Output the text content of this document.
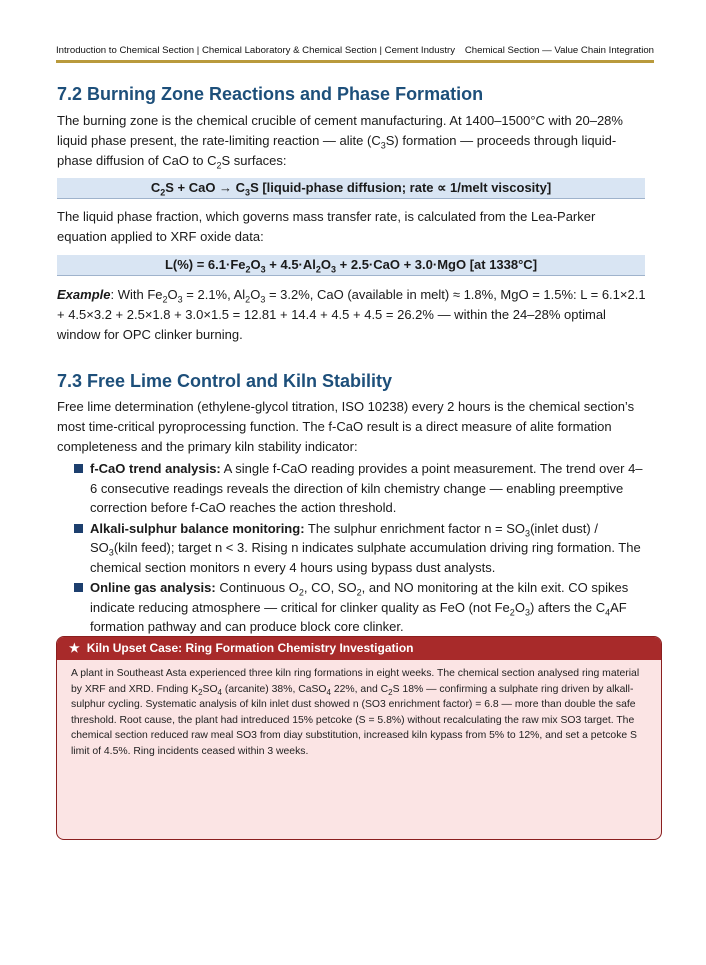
Introduction to Chemical Section | Chemical Laboratory & Chemical Section | Cement Industry Chemical Section — Value Chain Integration
7.2 Burning Zone Reactions and Phase Formation

The burning zone is the chemical crucible of cement manufacturing. At 1400–1500°C with 20–28% liquid phase present, the rate-limiting reaction — alite $(C_3S)$ formation — proceeds through liquid-phase diffusion of CaO to $C_2S$ surfaces:

$C_2S$ + CaO → $C_3S$ [liquid-phase diffusion; rate ∝ 1/melt viscosity]

The liquid phase fraction, which governs mass transfer rate, is calculated from the Lea-Parker equation applied to XRF oxide data:

$L(\%) = 6.1\cdot Fe_2O_3 + 4.5\cdot Al_2O_3 + 2.5\cdot CaO + 3.0\cdot MgO$ [at 1338°C]

Example: With $Fe_2O_3 = 2.1\%$, $Al_2O_3 = 3.2\%$, CaO (available in melt) ≈ 1.8%, MgO = 1.5%: L = 6.1×2.1 + 4.5×3.2 + 2.5×1.8 + 3.0×1.5 = 12.81 + 14.4 + 4.5 + 4.5 = 26.2% — within the 24–28% optimal window for OPC clinker burning.

7.3 Free Lime Control and Kiln Stability

Free lime determination (ethylene-glycol titration, ISO 10238) every 2 hours is the chemical section’s most time-critical pyroprocessing function. The f-CaO result is a direct measure of alite formation completeness and the primary kiln stability indicator:

f-CaO trend analysis: A single f-CaO reading provides a point measurement. The trend over 4–6 consecutive readings reveals the direction of kiln chemistry change — enabling preemptive correction before f-CaO reaches the action threshold.
Alkali-sulphur balance monitoring: The sulphur enrichment factor $n = SO_3(inlet$ dust) / $SO_3(kiln$ feed); target n < 3. Rising n indicates sulphate accumulation driving ring formation. The chemical section monitors n every 4 hours using bypass dust analysts.
Online gas analysis: Continuous $O_2$, CO, $SO_2$, and NO monitoring at the kiln exit. CO spikes indicate reducing atmosphere — critical for clinker quality as FeO (not $Fe_2O_3$) afters the $C_4AF$ formation pathway and can produce block core clinker.
★ Kiln Upset Case: Ring Formation Chemistry Investigation
A plant in Southeast Asta experienced three kiln ring formations in eight weeks. The chemical section analysed ring material by XRF and XRD. Fnding $K_2SO_4$ (arcanite) 38%, CaSO$_4$ 22%, and $C_2S$ 18% — confirming a sulphate ring driven by alkall-sulphur cycling. Systematic analysis of kiln inlet dust showed n (SO3 enrichment factor) = 6.8 — more than double the safe threshold. Root cause, the plant had intreduced 15% petcoke (S = 5.8%) without recalculating the raw mix SO3 target. The chemical section reduced raw meal SO3 from diay substitution, increased kiln kypass from 5% to 12%, and set a petcoke S limit of 4.5%. Ring incidents ceased within 3 weeks.
